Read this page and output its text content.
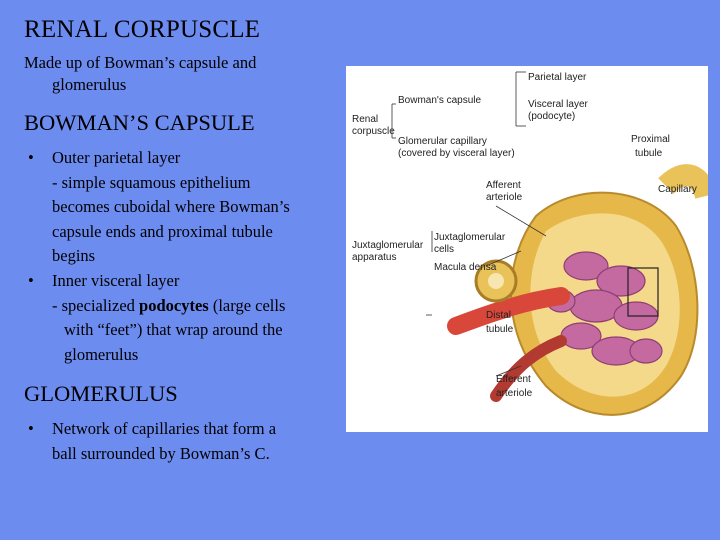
RENAL CORPUSCLE

Made up of Bowman’s capsule and

glomerulus

BOWMAN’S CAPSULE
• Outer parietal layer
- simple squamous epithelium
becomes cuboidal where Bowman’s
capsule ends and proximal tubule
begins
• Inner visceral layer
- specialized podocytes (large cells
with “feet”) that wrap around the
glomerulus
GLOMERULUS
• Network of capillaries that form a
ball surrounded by Bowman’s C.
Renal
corpuscle
Bowman's capsule
Parietal layer
Visceral layer
(podocyte)
Glomerular capillary
(covered by visceral layer)
Proximal
tubule
Afferent
arteriole
Capillary
Juxtaglomerular
apparatus
Juxtaglomerular
cells
Macula densa
Distal
tubule
Efferent
arteriole
